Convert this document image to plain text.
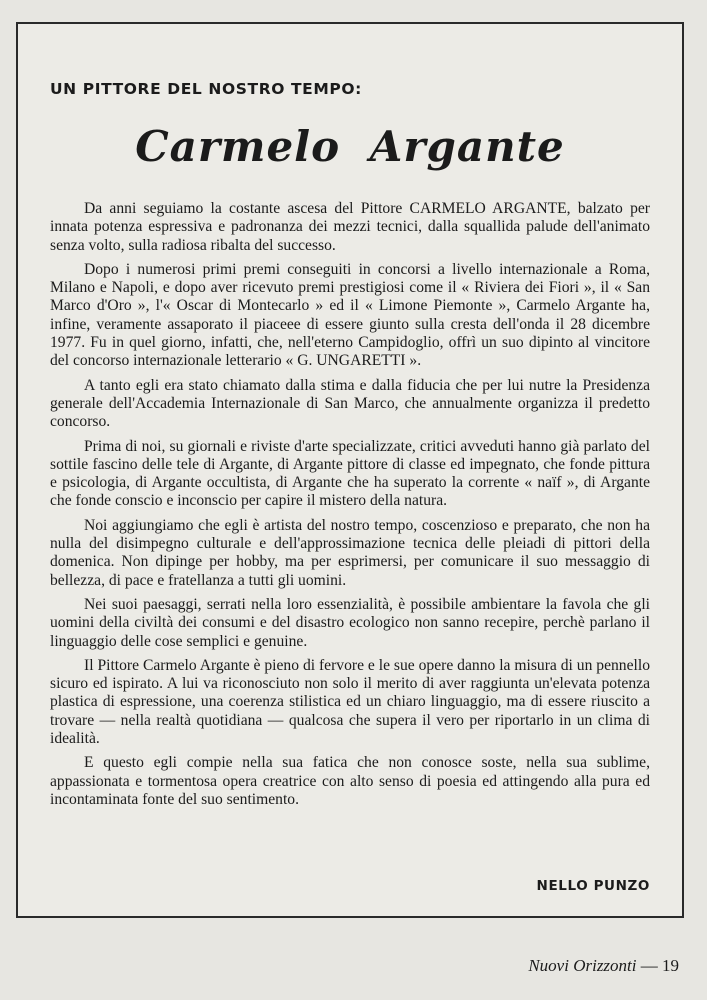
UN PITTORE DEL NOSTRO TEMPO:
Carmelo Argante

Da anni seguiamo la costante ascesa del Pittore CARMELO ARGANTE, balzato per innata potenza espressiva e padronanza dei mezzi tecnici, dalla squallida palude dell'animato senza volto, sulla radiosa ribalta del successo.

Dopo i numerosi primi premi conseguiti in concorsi a livello internazionale a Roma, Milano e Napoli, e dopo aver ricevuto premi prestigiosi come il « Riviera dei Fiori », il « San Marco d'Oro », l'« Oscar di Montecarlo » ed il « Limone Piemonte », Carmelo Argante ha, infine, veramente assaporato il piaceee di essere giunto sulla cresta dell'onda il 28 dicembre 1977. Fu in quel giorno, infatti, che, nell'eterno Campidoglio, offrì un suo dipinto al vincitore del concorso internazionale letterario « G. UNGARETTI ».

A tanto egli era stato chiamato dalla stima e dalla fiducia che per lui nutre la Presidenza generale dell'Accademia Internazionale di San Marco, che annualmente organizza il predetto concorso.

Prima di noi, su giornali e riviste d'arte specializzate, critici avveduti hanno già parlato del sottile fascino delle tele di Argante, di Argante pittore di classe ed impegnato, che fonde pittura e psicologia, di Argante occultista, di Argante che ha superato la corrente « naïf », di Argante che fonde conscio e inconscio per capire il mistero della natura.

Noi aggiungiamo che egli è artista del nostro tempo, coscenzioso e preparato, che non ha nulla del disimpegno culturale e dell'approssimazione tecnica delle pleiadi di pittori della domenica. Non dipinge per hobby, ma per esprimersi, per comunicare il suo messaggio di bellezza, di pace e fratellanza a tutti gli uomini.

Nei suoi paesaggi, serrati nella loro essenzialità, è possibile ambientare la favola che gli uomini della civiltà dei consumi e del disastro ecologico non sanno recepire, perchè parlano il linguaggio delle cose semplici e genuine.

Il Pittore Carmelo Argante è pieno di fervore e le sue opere danno la misura di un pennello sicuro ed ispirato. A lui va riconosciuto non solo il merito di aver raggiunta un'elevata potenza plastica di espressione, una coerenza stilistica ed un chiaro linguaggio, ma di essere riuscito a trovare — nella realtà quotidiana — qualcosa che supera il vero per riportarlo in un clima di idealità.

E questo egli compie nella sua fatica che non conosce soste, nella sua sublime, appassionata e tormentosa opera creatrice con alto senso di poesia ed attingendo alla pura ed incontaminata fonte del suo sentimento.

NELLO PUNZO
Nuovi Orizzonti — 19
